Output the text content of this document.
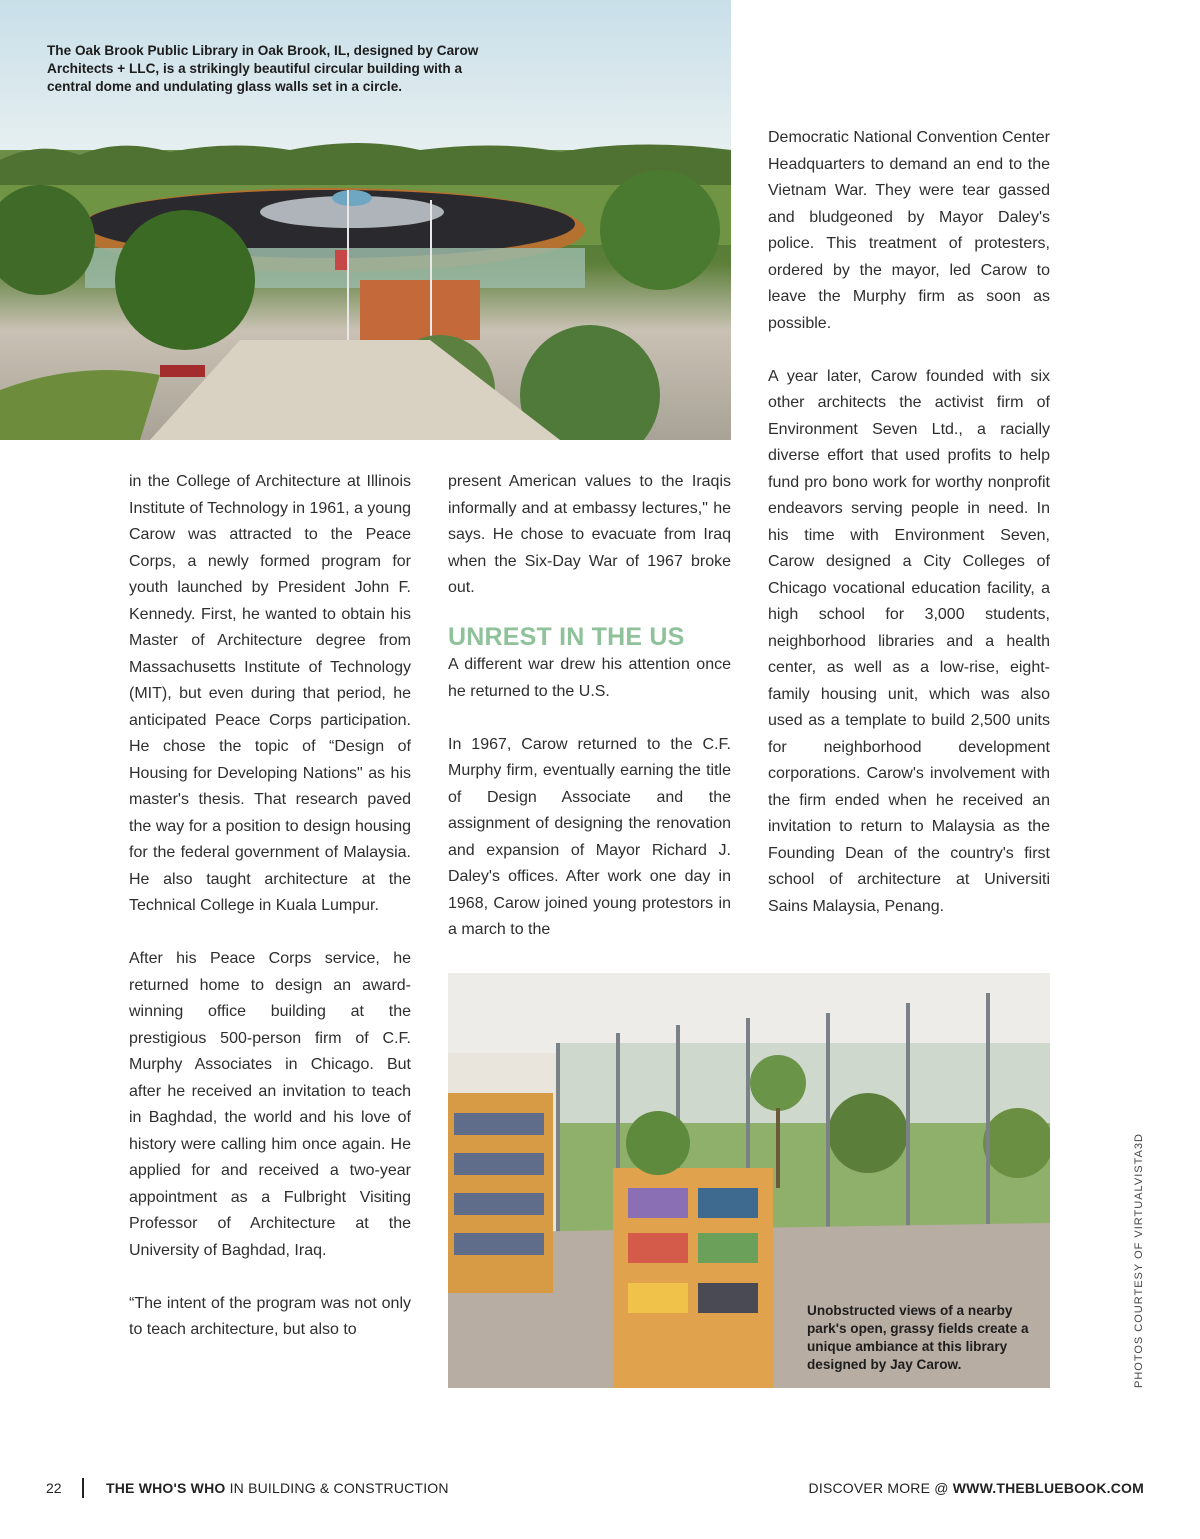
The Oak Brook Public Library in Oak Brook, IL, designed by Carow Architects + LLC, is a strikingly beautiful circular building with a central dome and undulating glass walls set in a circle.

Democratic National Convention Center Headquarters to demand an end to the Vietnam War. They were tear gassed and bludgeoned by Mayor Daley's police. This treatment of protesters, ordered by the mayor, led Carow to leave the Murphy firm as soon as possible.

A year later, Carow founded with six other architects the activist firm of Environment Seven Ltd., a racially diverse effort that used profits to help fund pro bono work for worthy nonprofit endeavors serving people in need. In his time with Environment Seven, Carow designed a City Colleges of Chicago vocational education facility, a high school for 3,000 students, neighborhood libraries and a health center, as well as a low-rise, eight-family housing unit, which was also used as a template to build 2,500 units for neighborhood development corporations. Carow's involvement with the firm ended when he received an invitation to return to Malaysia as the Founding Dean of the country's first school of architecture at Universiti Sains Malaysia, Penang.

in the College of Architecture at Illinois Institute of Technology in 1961, a young Carow was attracted to the Peace Corps, a newly formed program for youth launched by President John F. Kennedy. First, he wanted to obtain his Master of Architecture degree from Massachusetts Institute of Technology (MIT), but even during that period, he anticipated Peace Corps participation. He chose the topic of “Design of Housing for Developing Nations" as his master's thesis. That research paved the way for a position to design housing for the federal government of Malaysia. He also taught architecture at the Technical College in Kuala Lumpur.

After his Peace Corps service, he returned home to design an award-winning office building at the prestigious 500-person firm of C.F. Murphy Associates in Chicago. But after he received an invitation to teach in Baghdad, the world and his love of history were calling him once again. He applied for and received a two-year appointment as a Fulbright Visiting Professor of Architecture at the University of Baghdad, Iraq.

“The intent of the program was not only to teach architecture, but also to

present American values to the Iraqis informally and at embassy lectures," he says. He chose to evacuate from Iraq when the Six-Day War of 1967 broke out.

UNREST IN THE US

A different war drew his attention once he returned to the U.S.

In 1967, Carow returned to the C.F. Murphy firm, eventually earning the title of Design Associate and the assignment of designing the renovation and expansion of Mayor Richard J. Daley's offices. After work one day in 1968, Carow joined young protestors in a march to the

Unobstructed views of a nearby park's open, grassy fields create a unique ambiance at this library designed by Jay Carow.	PHOTOS COURTESY OF VIRTUALVISTA3D
22	THE WHO'S WHO IN BUILDING & CONSTRUCTION	DISCOVER MORE @ WWW.THEBLUEBOOK.COM
